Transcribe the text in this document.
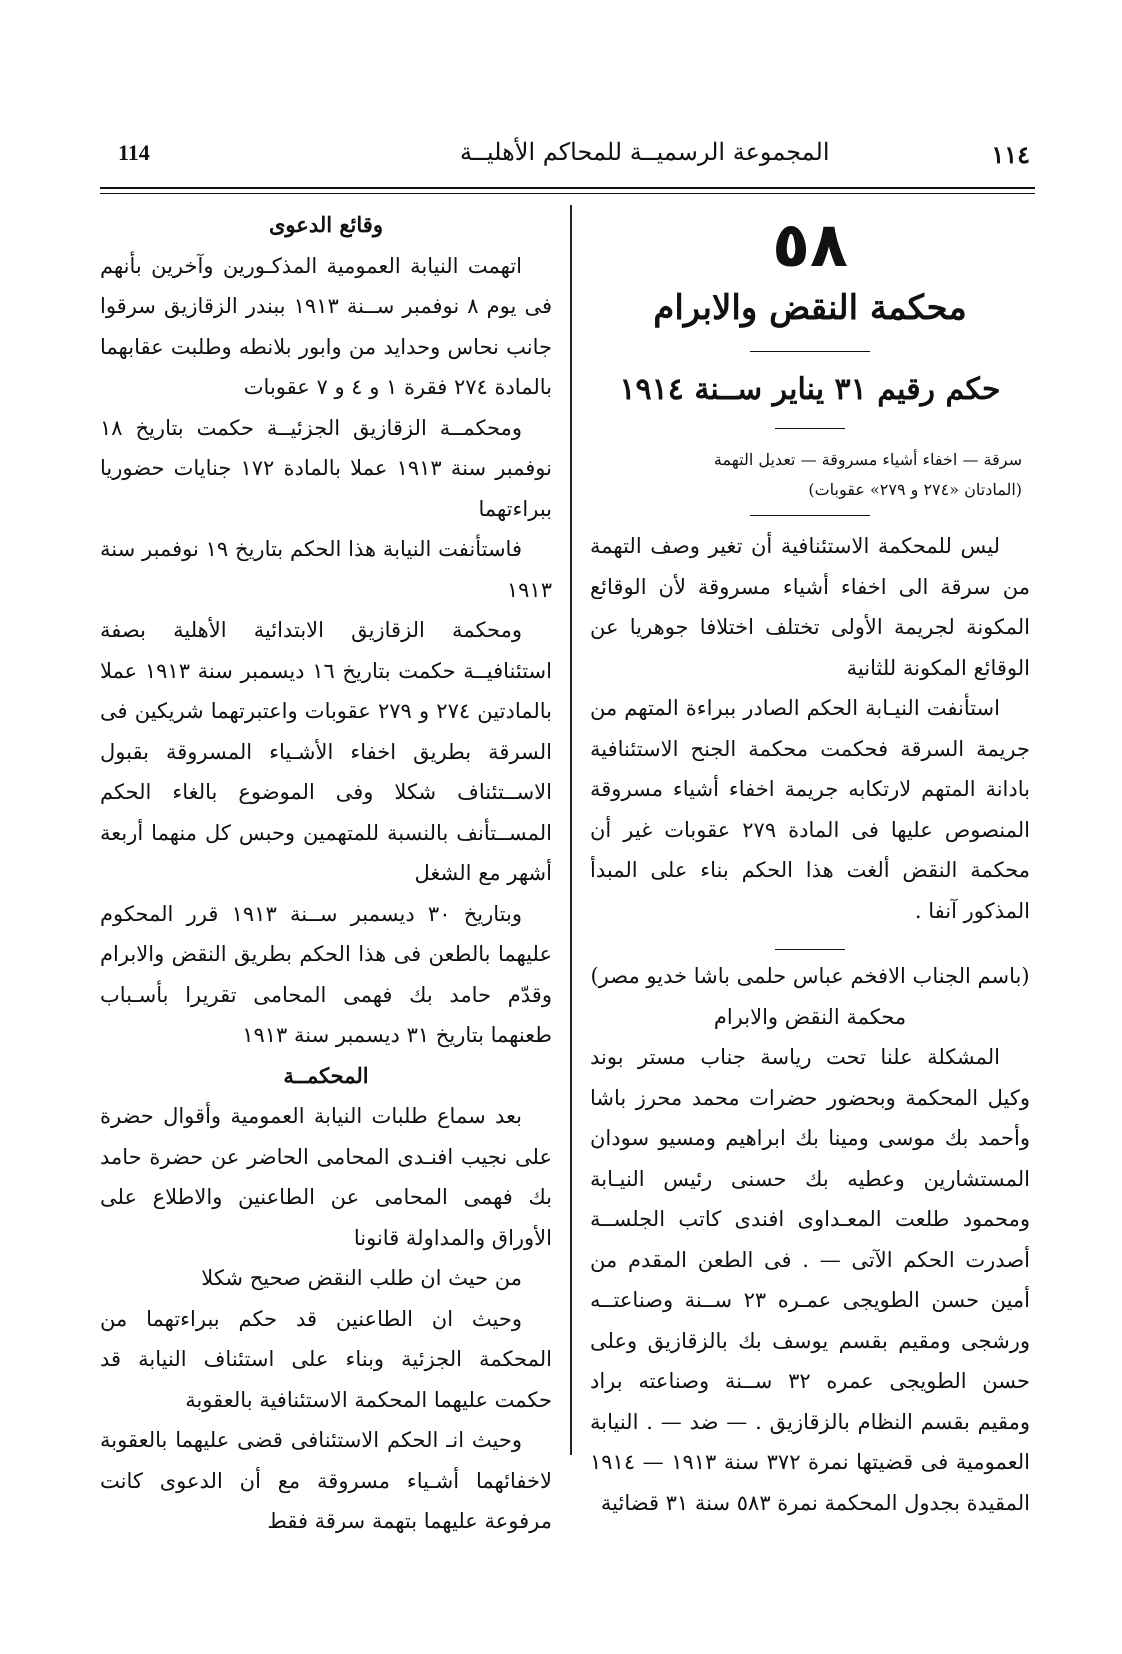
114	المجموعة الرسميــة للمحاكم الأهليــة	١١٤

٥٨

محكمة النقض والابرام

حكم رقيم ٣١ يناير ســنة ١٩١٤

سرقة — اخفاء أشياء مسروقة — تعديل التهمة

(المادتان «٢٧٤ و ٢٧٩» عقوبات)

ليس للمحكمة الاستئنافية أن تغير وصف التهمة من سرقة الى اخفاء أشياء مسروقة لأن الوقائع المكونة لجريمة الأولى تختلف اختلافا جوهريا عن الوقائع المكونة للثانية

استأنفت النيـابة الحكم الصادر ببراءة المتهم من جريمة السرقة فحكمت محكمة الجنح الاستئنافية بادانة المتهم لارتكابه جريمة اخفاء أشياء مسروقة المنصوص عليها فى المادة ٢٧٩ عقوبات غير أن محكمة النقض ألغت هذا الحكم بناء على المبدأ المذكور آنفا .

(باسم الجناب الافخم عباس حلمى باشا خديو مصر)

محكمة النقض والابرام

المشكلة علنا تحت رياسة جناب مستر بوند وكيل المحكمة وبحضور حضرات محمد محرز باشا وأحمد بك موسى ومينا بك ابراهيم ومسيو سودان المستشارين وعطيه بك حسنى رئيس النيـابة ومحمود طلعت المعـداوى افندى كاتب الجلســة أصدرت الحكم الآتى — . فى الطعن المقدم من أمين حسن الطويجى عمـره ٢٣ ســنة وصناعتــه ورشجى ومقيم بقسم يوسف بك بالزقازيق وعلى حسن الطويجى عمره ٣٢ ســنة وصناعته براد ومقيم بقسم النظام بالزقازيق . — ضد — . النيابة العمومية فى قضيتها نمرة ٣٧٢ سنة ١٩١٣ — ١٩١٤ المقيدة بجدول المحكمة نمرة ٥٨٣ سنة ٣١ قضائية

وقائع الدعوى

اتهمت النيابة العمومية المذكـورين وآخرين بأنهم فى يوم ٨ نوفمبر ســنة ١٩١٣ ببندر الزقازيق سرقوا جانب نحاس وحدايد من وابور بلانطه وطلبت عقابهما بالمادة ٢٧٤ فقرة ١ و ٤ و ٧ عقوبات

ومحكمــة الزقازيق الجزئيــة حكمت بتاريخ ١٨ نوفمبر سنة ١٩١٣ عملا بالمادة ١٧٢ جنايات حضوريا ببراءتهما

فاستأنفت النيابة هذا الحكم بتاريخ ١٩ نوفمبر سنة ١٩١٣

ومحكمة الزقازيق الابتدائية الأهلية بصفة استئنافيــة حكمت بتاريخ ١٦ ديسمبر سنة ١٩١٣ عملا بالمادتين ٢٧٤ و ٢٧٩ عقوبات واعتبرتهما شريكين فى السرقة بطريق اخفاء الأشـياء المسروقة بقبول الاســتئناف شكلا وفى الموضوع بالغاء الحكم المســتأنف بالنسبة للمتهمين وحبس كل منهما أربعة أشهر مع الشغل

وبتاريخ ٣٠ ديسمبر ســنة ١٩١٣ قرر المحكوم عليهما بالطعن فى هذا الحكم بطريق النقض والابرام وقدّم حامد بك فهمى المحامى تقريرا بأسـباب طعنهما بتاريخ ٣١ ديسمبر سنة ١٩١٣

المحكمــة

بعد سماع طلبات النيابة العمومية وأقوال حضرة على نجيب افنـدى المحامى الحاضر عن حضرة حامد بك فهمى المحامى عن الطاعنين والاطلاع على الأوراق والمداولة قانونا

من حيث ان طلب النقض صحيح شكلا

وحيث ان الطاعنين قد حكم ببراءتهما من المحكمة الجزئية وبناء على استئناف النيابة قد حكمت عليهما المحكمة الاستئنافية بالعقوبة

وحيث انـ الحكم الاستئنافى قضى عليهما بالعقوبة لاخفائهما أشـياء مسروقة مع أن الدعوى كانت مرفوعة عليهما بتهمة سرقة فقط
